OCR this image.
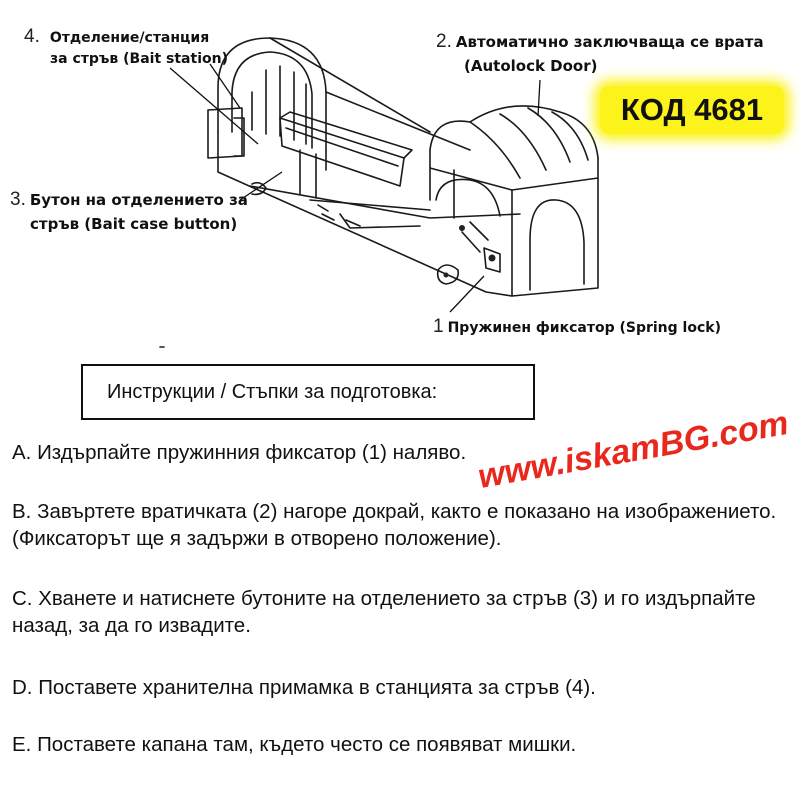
4. Отделение/станция
за стръв (Bait station)
2. Автоматично заключваща се врата
(Autolock Door)
3. Бутон на отделението за
стръв (Bait case button)
1 Пружинен фиксатор (Spring lock)
КОД 4681
Инструкции / Стъпки за подготовка:
А. Издърпайте пружинния фиксатор (1) наляво.
В. Завъртете вратичката (2) нагоре докрай, както е показано на изображението. (Фиксаторът ще я задържи в отворено положение).
С. Хванете и натиснете бутоните на отделението за стръв (3) и го издърпайте назад, за да го извадите.
D. Поставете хранителна примамка в станцията за стръв (4).
Е. Поставете капана там, където често се появяват мишки.
www.iskamBG.com
